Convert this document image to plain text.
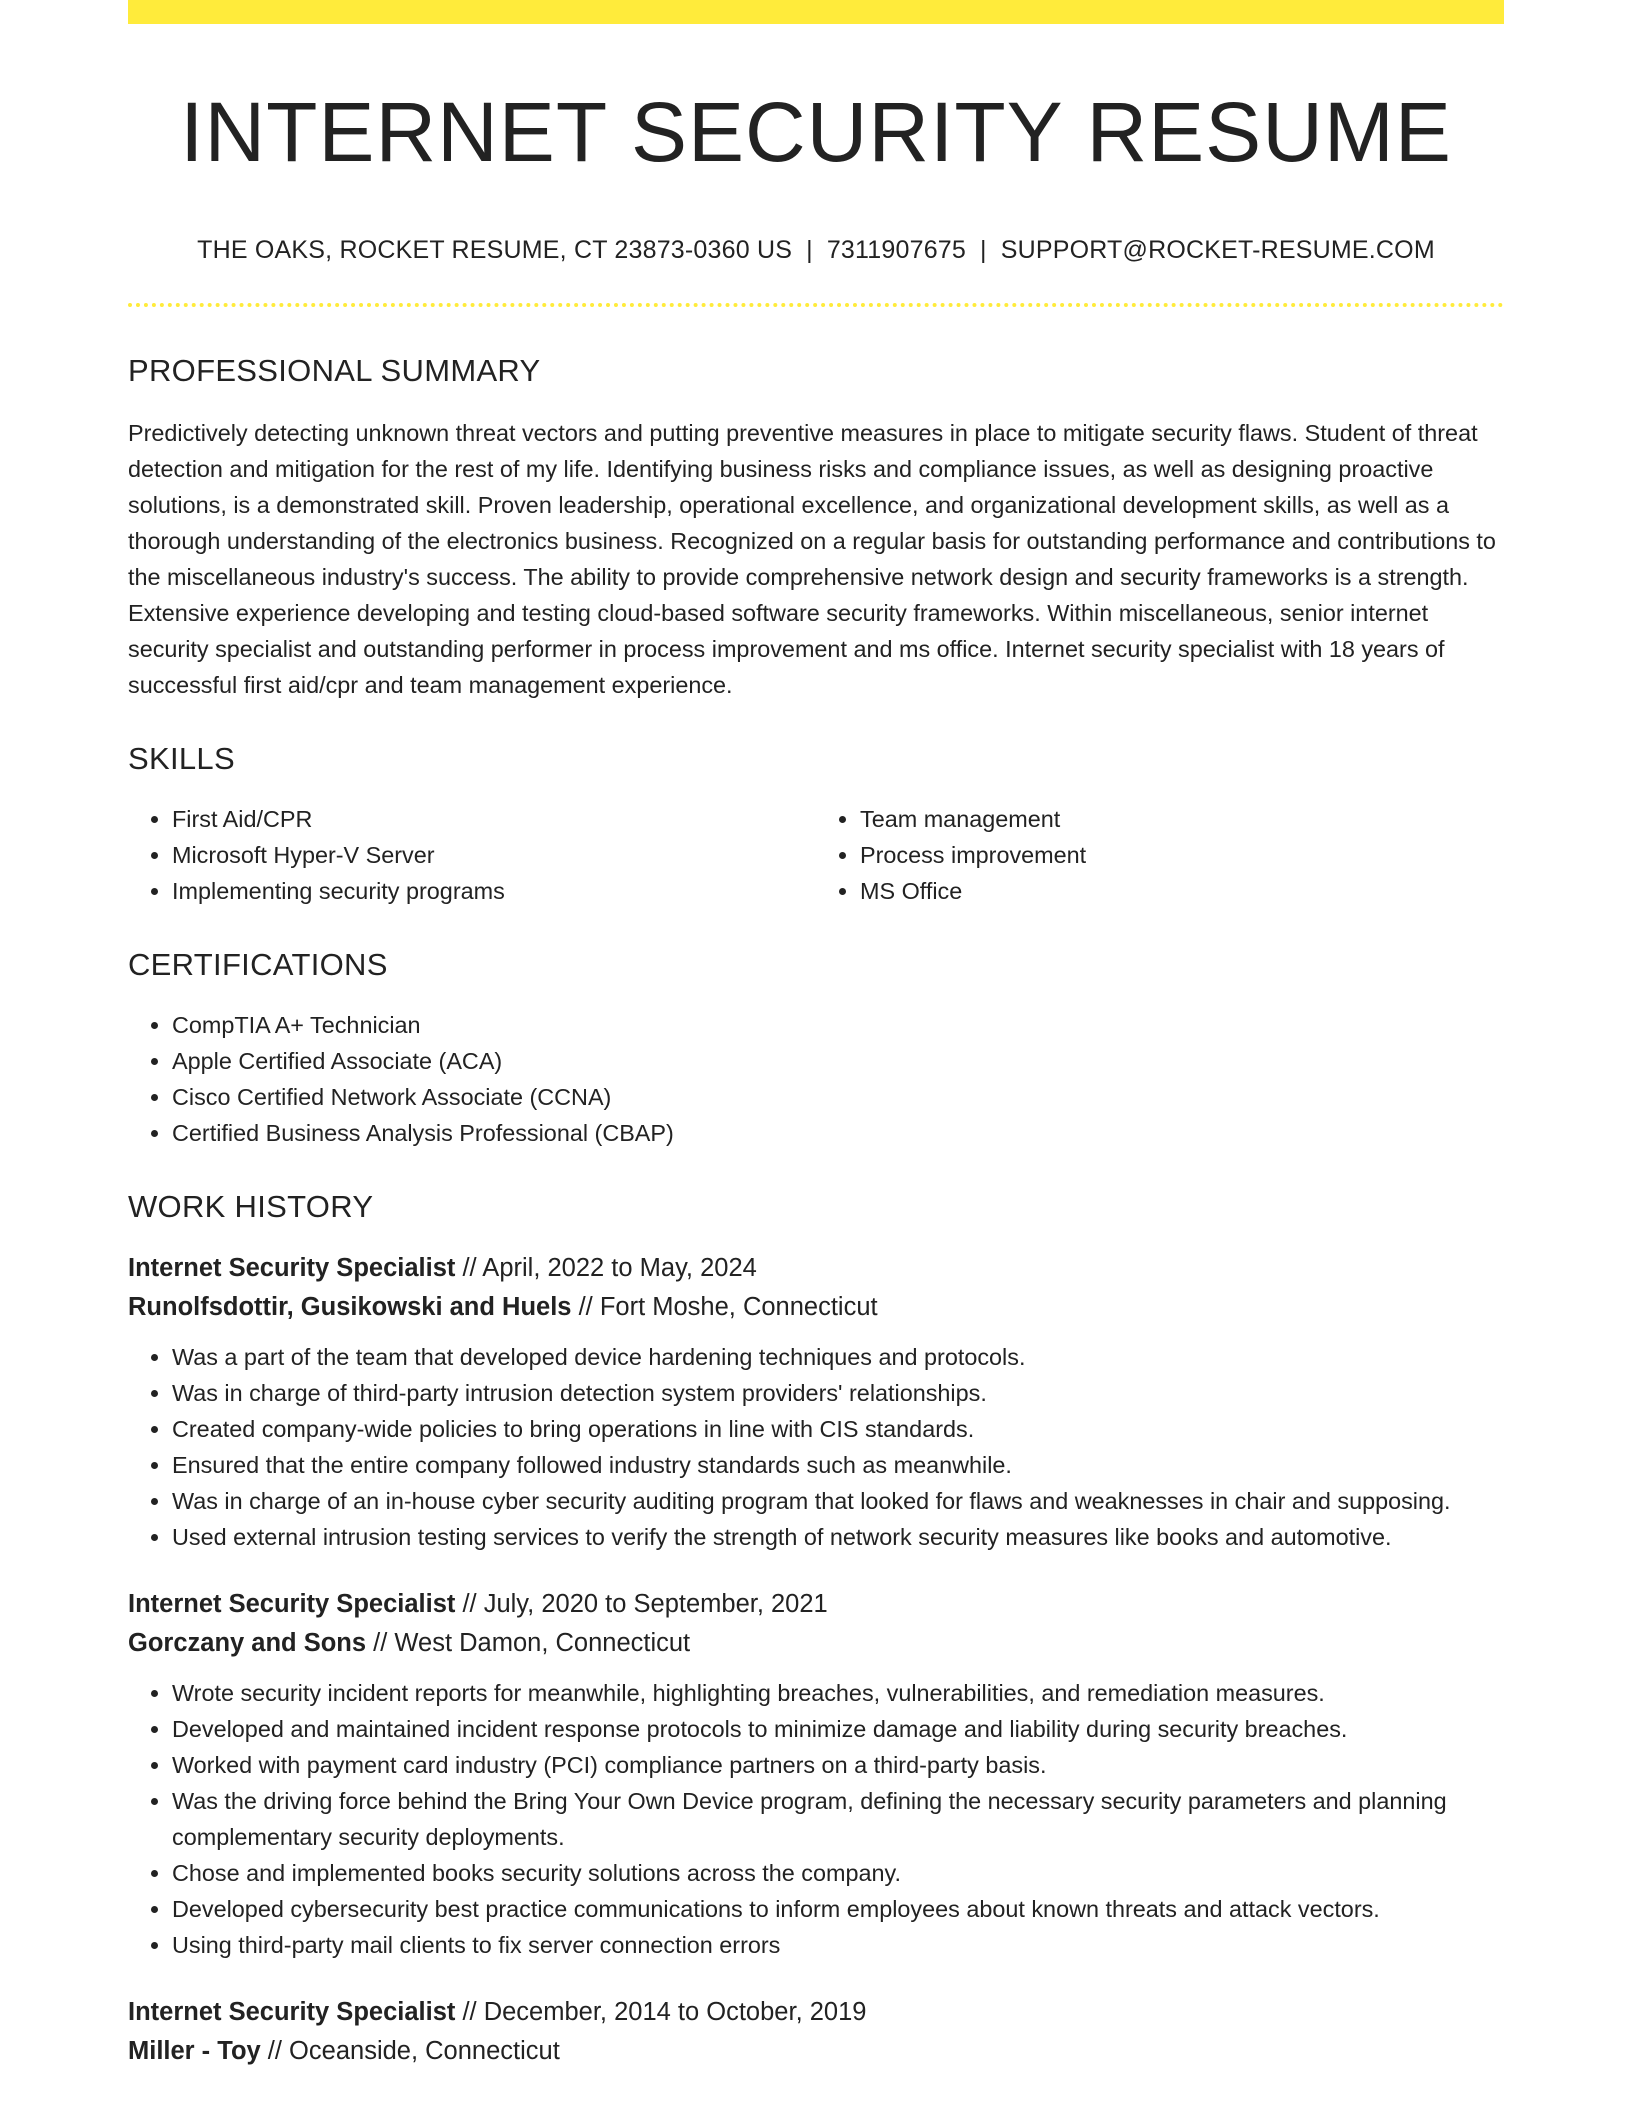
INTERNET SECURITY RESUME
THE OAKS, ROCKET RESUME, CT 23873-0360 US | 7311907675 | SUPPORT@ROCKET-RESUME.COM
PROFESSIONAL SUMMARY

Predictively detecting unknown threat vectors and putting preventive measures in place to mitigate security flaws. Student of threat detection and mitigation for the rest of my life. Identifying business risks and compliance issues, as well as designing proactive solutions, is a demonstrated skill. Proven leadership, operational excellence, and organizational development skills, as well as a thorough understanding of the electronics business. Recognized on a regular basis for outstanding performance and contributions to the miscellaneous industry's success. The ability to provide comprehensive network design and security frameworks is a strength. Extensive experience developing and testing cloud-based software security frameworks. Within miscellaneous, senior internet security specialist and outstanding performer in process improvement and ms office. Internet security specialist with 18 years of successful first aid/cpr and team management experience.

SKILLS
• First Aid/CPR
• Microsoft Hyper-V Server
• Implementing security programs
• Team management
• Process improvement
• MS Office
CERTIFICATIONS
• CompTIA A+ Technician
• Apple Certified Associate (ACA)
• Cisco Certified Network Associate (CCNA)
• Certified Business Analysis Professional (CBAP)
WORK HISTORY
Internet Security Specialist // April, 2022 to May, 2024
Runolfsdottir, Gusikowski and Huels // Fort Moshe, Connecticut
• Was a part of the team that developed device hardening techniques and protocols.
• Was in charge of third-party intrusion detection system providers' relationships.
• Created company-wide policies to bring operations in line with CIS standards.
• Ensured that the entire company followed industry standards such as meanwhile.
• Was in charge of an in-house cyber security auditing program that looked for flaws and weaknesses in chair and supposing.
• Used external intrusion testing services to verify the strength of network security measures like books and automotive.
Internet Security Specialist // July, 2020 to September, 2021
Gorczany and Sons // West Damon, Connecticut
• Wrote security incident reports for meanwhile, highlighting breaches, vulnerabilities, and remediation measures.
• Developed and maintained incident response protocols to minimize damage and liability during security breaches.
• Worked with payment card industry (PCI) compliance partners on a third-party basis.
• Was the driving force behind the Bring Your Own Device program, defining the necessary security parameters and planning complementary security deployments.
• Chose and implemented books security solutions across the company.
• Developed cybersecurity best practice communications to inform employees about known threats and attack vectors.
• Using third-party mail clients to fix server connection errors
Internet Security Specialist // December, 2014 to October, 2019
Miller - Toy // Oceanside, Connecticut
